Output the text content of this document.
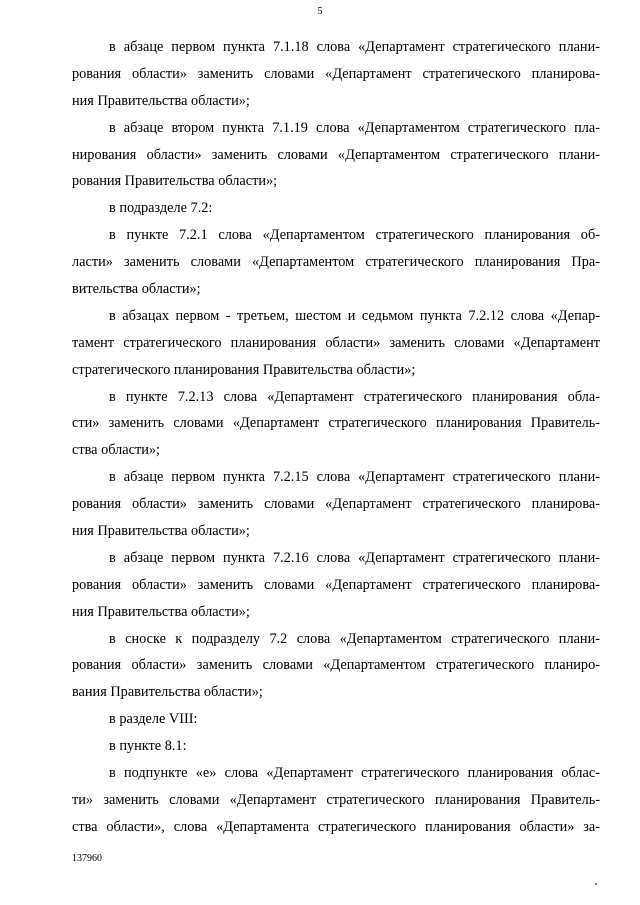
5
в абзаце первом пункта 7.1.18 слова «Департамент стратегического плани-
рования области» заменить словами «Департамент стратегического планирова-
ния Правительства области»;
в абзаце втором пункта 7.1.19 слова «Департаментом стратегического пла-
нирования области» заменить словами «Департаментом стратегического плани-
рования Правительства области»;
в подразделе 7.2:
в пункте 7.2.1 слова «Департаментом стратегического планирования об-
ласти» заменить словами «Департаментом стратегического планирования Пра-
вительства области»;
в абзацах первом - третьем, шестом и седьмом пункта 7.2.12 слова «Депар-
тамент стратегического планирования области» заменить словами «Департамент
стратегического планирования Правительства области»;
в пункте 7.2.13 слова «Департамент стратегического планирования обла-
сти» заменить словами «Департамент стратегического планирования Правитель-
ства области»;
в абзаце первом пункта 7.2.15 слова «Департамент стратегического плани-
рования области» заменить словами «Департамент стратегического планирова-
ния Правительства области»;
в абзаце первом пункта 7.2.16 слова «Департамент стратегического плани-
рования области» заменить словами «Департамент стратегического планирова-
ния Правительства области»;
в сноске к подразделу 7.2 слова «Департаментом стратегического плани-
рования области» заменить словами «Департаментом стратегического планиро-
вания Правительства области»;
в разделе VIII:
в пункте 8.1:
в подпункте «е» слова «Департамент стратегического планирования облас-
ти» заменить словами «Департамент стратегического планирования Правитель-
ства области», слова «Департамента стратегического планирования области» за-
137960
